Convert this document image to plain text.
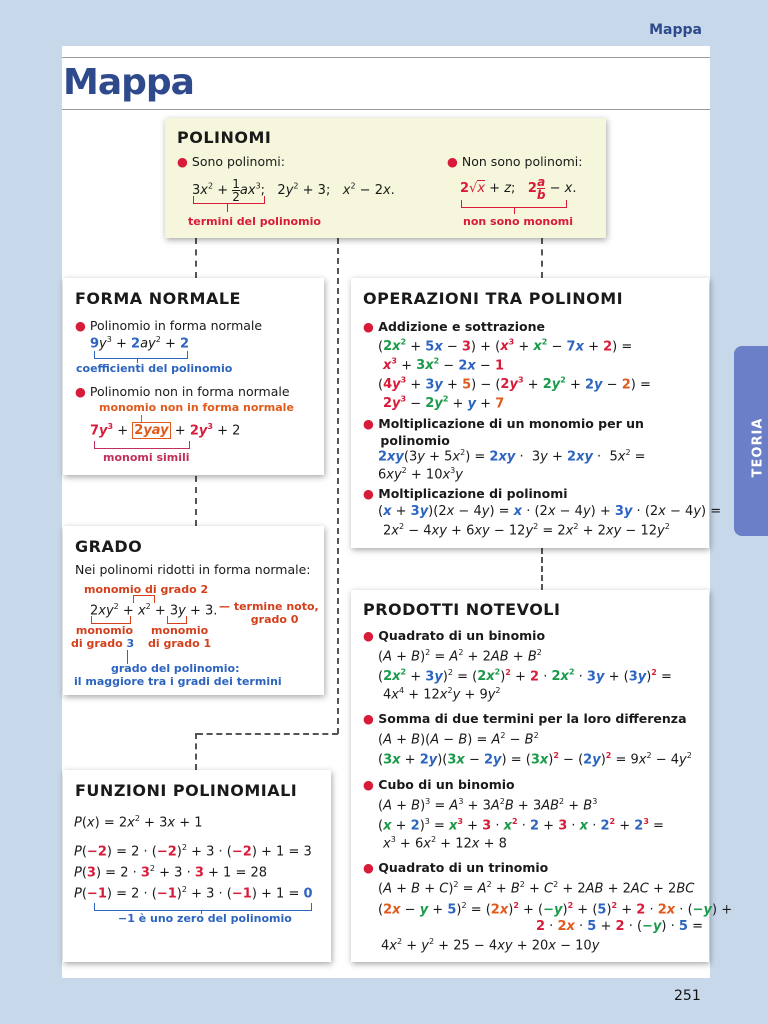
Mappa
Mappa
251
TEORIA
POLINOMI
● Sono polinomi:
$3x^2 + \frac{1}{2} ax^3$;   $2y^2 + 3$;   $x^2 - 2x$.
termini del polinomio
● Non sono polinomi:
2√x + z;   $2 \frac{a}{b} - x$.
non sono monomi
FORMA NORMALE
● Polinomio in forma normale
$9y^3 + 2ay^2 + 2$
coefficienti del polinomio
● Polinomio non in forma normale
monomio non in forma normale
$7y^3 + 2yay + 2y^3 + 2$
monomi simili
GRADO
Nei polinomi ridotti in forma normale:
monomio di grado 2
$2xy^2 + x^2 + 3y + 3$. — termine noto,
grado 0
monomio
di grado 3
monomio
di grado 1
grado del polinomio:
il maggiore tra i gradi dei termini
FUNZIONI POLINOMIALI
$P(x) = 2x^2 + 3x + 1$
$P(-2) = 2 \cdot (-2)^2 + 3 \cdot (-2) + 1 = 3$
$P(3) = 2 \cdot 3^2 + 3 \cdot 3 + 1 = 28$
$P(-1) = 2 \cdot (-1)^2 + 3 \cdot (-1) + 1 = 0$
−1 è uno zero del polinomio
OPERAZIONI TRA POLINOMI
● Addizione e sottrazione
$(2x^2 + 5x - 3) + (x^3 + x^2 - 7x + 2)$ =
$x^3 + 3x^2 - 2x - 1$
$(4y^3 + 3y + 5) - (2y^3 + 2y^2 + 2y - 2)$ =
$2y^3 - 2y^2 + y + 7$
● Moltiplicazione di un monomio per un
polinomio
$2xy(3y + 5x^2) = 2xy \cdot 3y + 2xy \cdot 5x^2$ =
$6xy^2 + 10x^3y$
● Moltiplicazione di polinomi
(x + 3y)(2x − 4y) = x · (2x − 4y) + 3y · (2x − 4y) =
$2x^2 - 4xy + 6xy - 12y^2 = 2x^2 + 2xy - 12y^2$
PRODOTTI NOTEVOLI
● Quadrato di un binomio
$(A + B)^2 = A^2 + 2AB + B^2$
$(2x^2 + 3y)^2 = (2x^2)^2 + 2 \cdot 2x^2 \cdot 3y + (3y)^2$ =
$4x^4 + 12x^2y + 9y^2$
● Somma di due termini per la loro differenza
$(A + B)(A - B) = A^2 - B^2$
$(3x + 2y)(3x - 2y) = (3x)^2 - (2y)^2 = 9x^2 - 4y^2$
● Cubo di un binomio
$(A + B)^3 = A^3 + 3A^2B + 3AB^2 + B^3$
$(x + 2)^3 = x^3 + 3 \cdot x^2 \cdot 2 + 3 \cdot x \cdot 2^2 + 2^3$ =
$x^3 + 6x^2 + 12x + 8$
● Quadrato di un trinomio
$(A + B + C)^2 = A^2 + B^2 + C^2 + 2AB + 2AC + 2BC$
$(2x - y + 5)^2 = (2x)^2 + (-y)^2 + (5)^2 + 2 \cdot 2x \cdot (-y)$ +
2 · 2x · 5 + 2 · (−y) · 5 =
$4x^2 + y^2 + 25 - 4xy + 20x - 10y$
